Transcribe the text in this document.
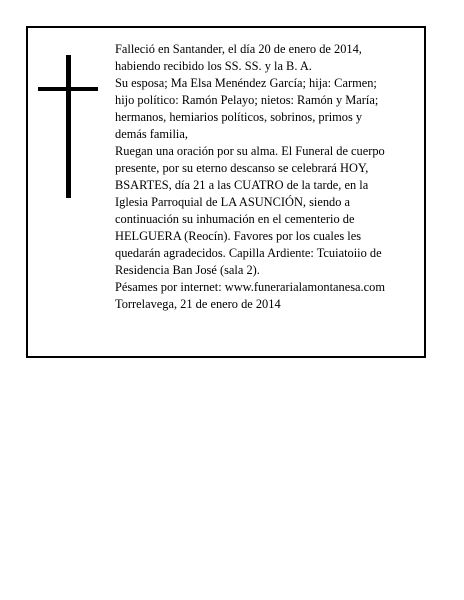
Falleció en Santander, el día 20 de enero de 2014,
habiendo recibido los SS. SS. y la B. A.
Su esposa; Ma Elsa Menéndez García; hija: Carmen;
hijo político: Ramón Pelayo; nietos: Ramón y María;
hermanos, hemiarios políticos, sobrinos, primos y
demás familia,
Ruegan una oración por su alma. El Funeral de cuerpo
presente, por su eterno descanso se celebrará HOY,
BSARTES, día 21 a las CUATRO de la tarde, en la
Iglesia Parroquial de LA ASUNCIÓN, siendo a
continuación su inhumación en el cementerio de
HELGUERA (Reocín). Favores por los cuales les
quedarán agradecidos. Capilla Ardiente: Tcuiatoiio de
Residencia Ban José (sala 2).
Pésames por internet: www.funerarialamontanesa.com
Torrelavega, 21 de enero de 2014
